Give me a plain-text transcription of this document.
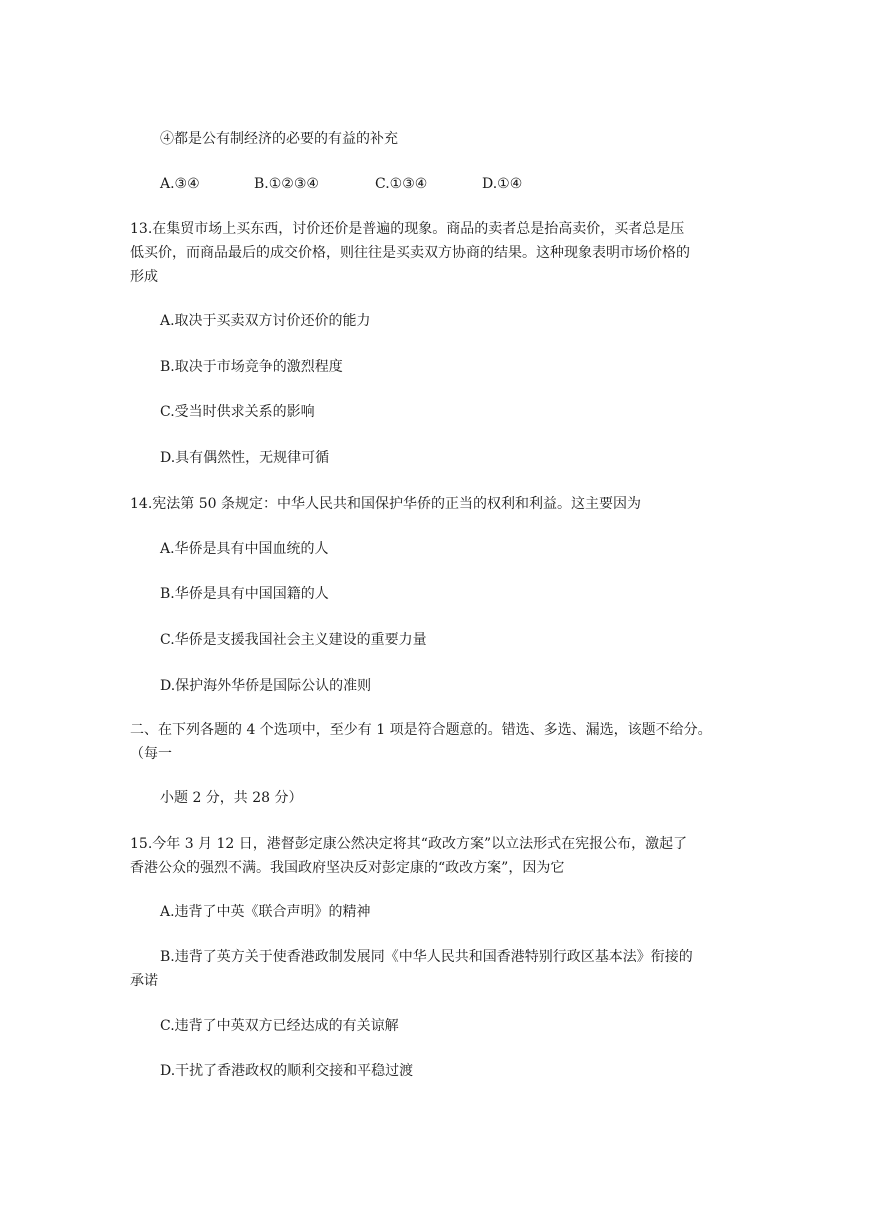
④都是公有制经济的必要的有益的补充
A.③④	B.①②③④	C.①③④	D.①④
13.在集贸市场上买东西，讨价还价是普遍的现象。商品的卖者总是抬高卖价，买者总是压
低买价，而商品最后的成交价格，则往往是买卖双方协商的结果。这种现象表明市场价格的
形成
A.取决于买卖双方讨价还价的能力
B.取决于市场竞争的激烈程度
C.受当时供求关系的影响
D.具有偶然性，无规律可循
14.宪法第 50 条规定：中华人民共和国保护华侨的正当的权利和利益。这主要因为
A.华侨是具有中国血统的人
B.华侨是具有中国国籍的人
C.华侨是支援我国社会主义建设的重要力量
D.保护海外华侨是国际公认的准则
二、在下列各题的 4 个选项中，至少有 1 项是符合题意的。错选、多选、漏选，该题不给分。
（每一
小题 2 分，共 28 分）
15.今年 3 月 12 日，港督彭定康公然决定将其“政改方案”以立法形式在宪报公布，激起了
香港公众的强烈不满。我国政府坚决反对彭定康的“政改方案”，因为它
A.违背了中英《联合声明》的精神
B.违背了英方关于使香港政制发展同《中华人民共和国香港特别行政区基本法》衔接的
承诺
C.违背了中英双方已经达成的有关谅解
D.干扰了香港政权的顺利交接和平稳过渡
